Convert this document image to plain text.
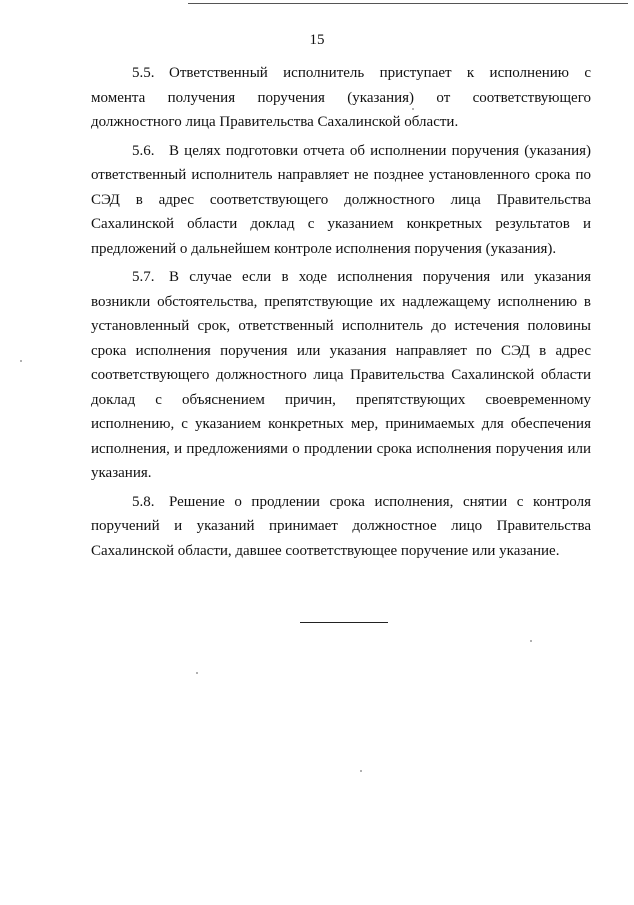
15

5.5. Ответственный исполнитель приступает к исполнению с момента получения поручения (указания) от соответствующего должностного лица Правительства Сахалинской области.

5.6. В целях подготовки отчета об исполнении поручения (указания) ответственный исполнитель направляет не позднее установленного срока по СЭД в адрес соответствующего должностного лица Правительства Сахалинской области доклад с указанием конкретных результатов и предложений о дальнейшем контроле исполнения поручения (указания).

5.7. В случае если в ходе исполнения поручения или указания возникли обстоятельства, препятствующие их надлежащему исполнению в установленный срок, ответственный исполнитель до истечения половины срока исполнения поручения или указания направляет по СЭД в адрес соответствующего должностного лица Правительства Сахалинской области доклад с объяснением причин, препятствующих своевременному исполнению, с указанием конкретных мер, принимаемых для обеспечения исполнения, и предложениями о продлении срока исполнения поручения или указания.

5.8. Решение о продлении срока исполнения, снятии с контроля поручений и указаний принимает должностное лицо Правительства Сахалинской области, давшее соответствующее поручение или указание.
